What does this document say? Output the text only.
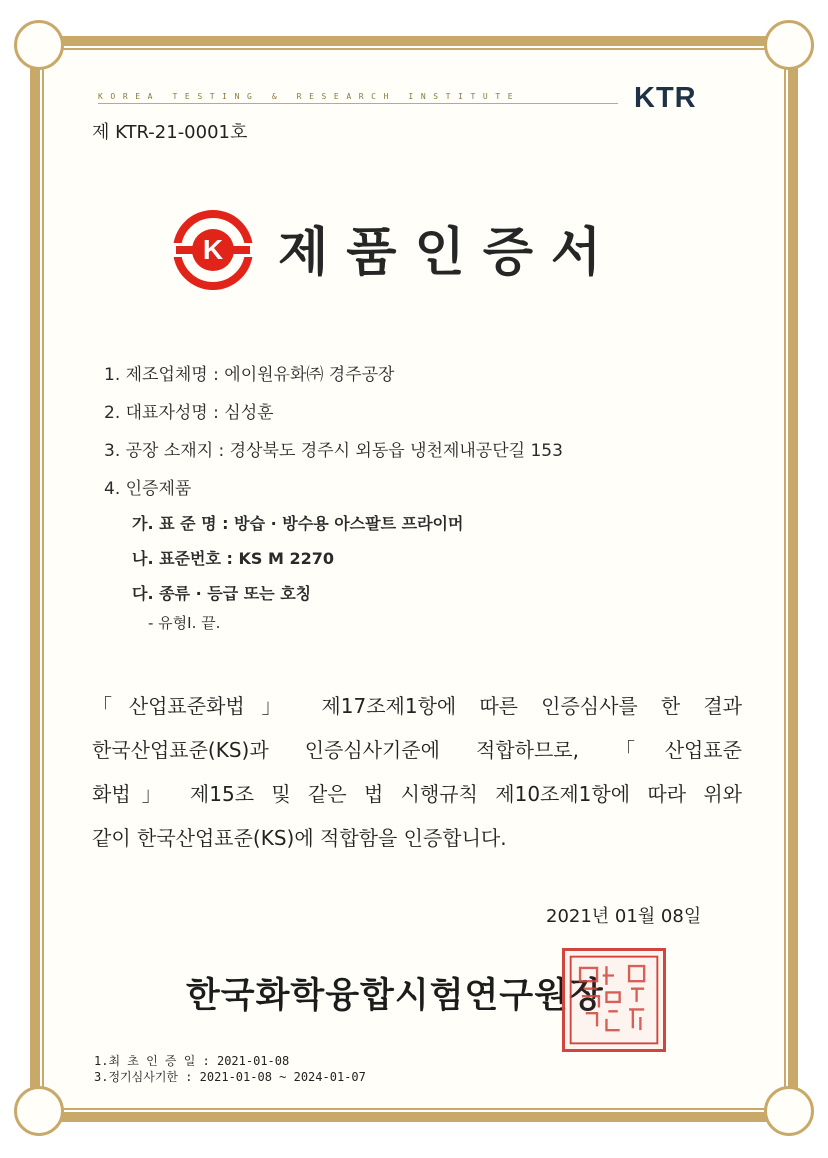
KOREA TESTING & RESEARCH INSTITUTE	KTR
제 KTR-21-0001호
K 제품인증서
1. 제조업체명 : 에이원유화㈜ 경주공장
2. 대표자성명 : 심성훈
3. 공장 소재지 : 경상북도 경주시 외동읍 냉천제내공단길 153
4. 인증제품
가. 표 준 명 : 방습 · 방수용 아스팔트 프라이머
나. 표준번호 : KS M 2270
다. 종류 · 등급 또는 호칭
- 유형Ⅰ. 끝.
「산업표준화법」 제17조제1항에 따른 인증심사를 한 결과
한국산업표준(KS)과 인증심사기준에 적합하므로, 「산업표준
화법」 제15조 및 같은 법 시행규칙 제10조제1항에 따라 위와
같이 한국산업표준(KS)에 적합함을 인증합니다.
2021년 01월 08일
한국화학융합시험연구원장
1.최 초 인 증 일 : 2021-01-08
3.정기심사기한 : 2021-01-08 ~ 2024-01-07
